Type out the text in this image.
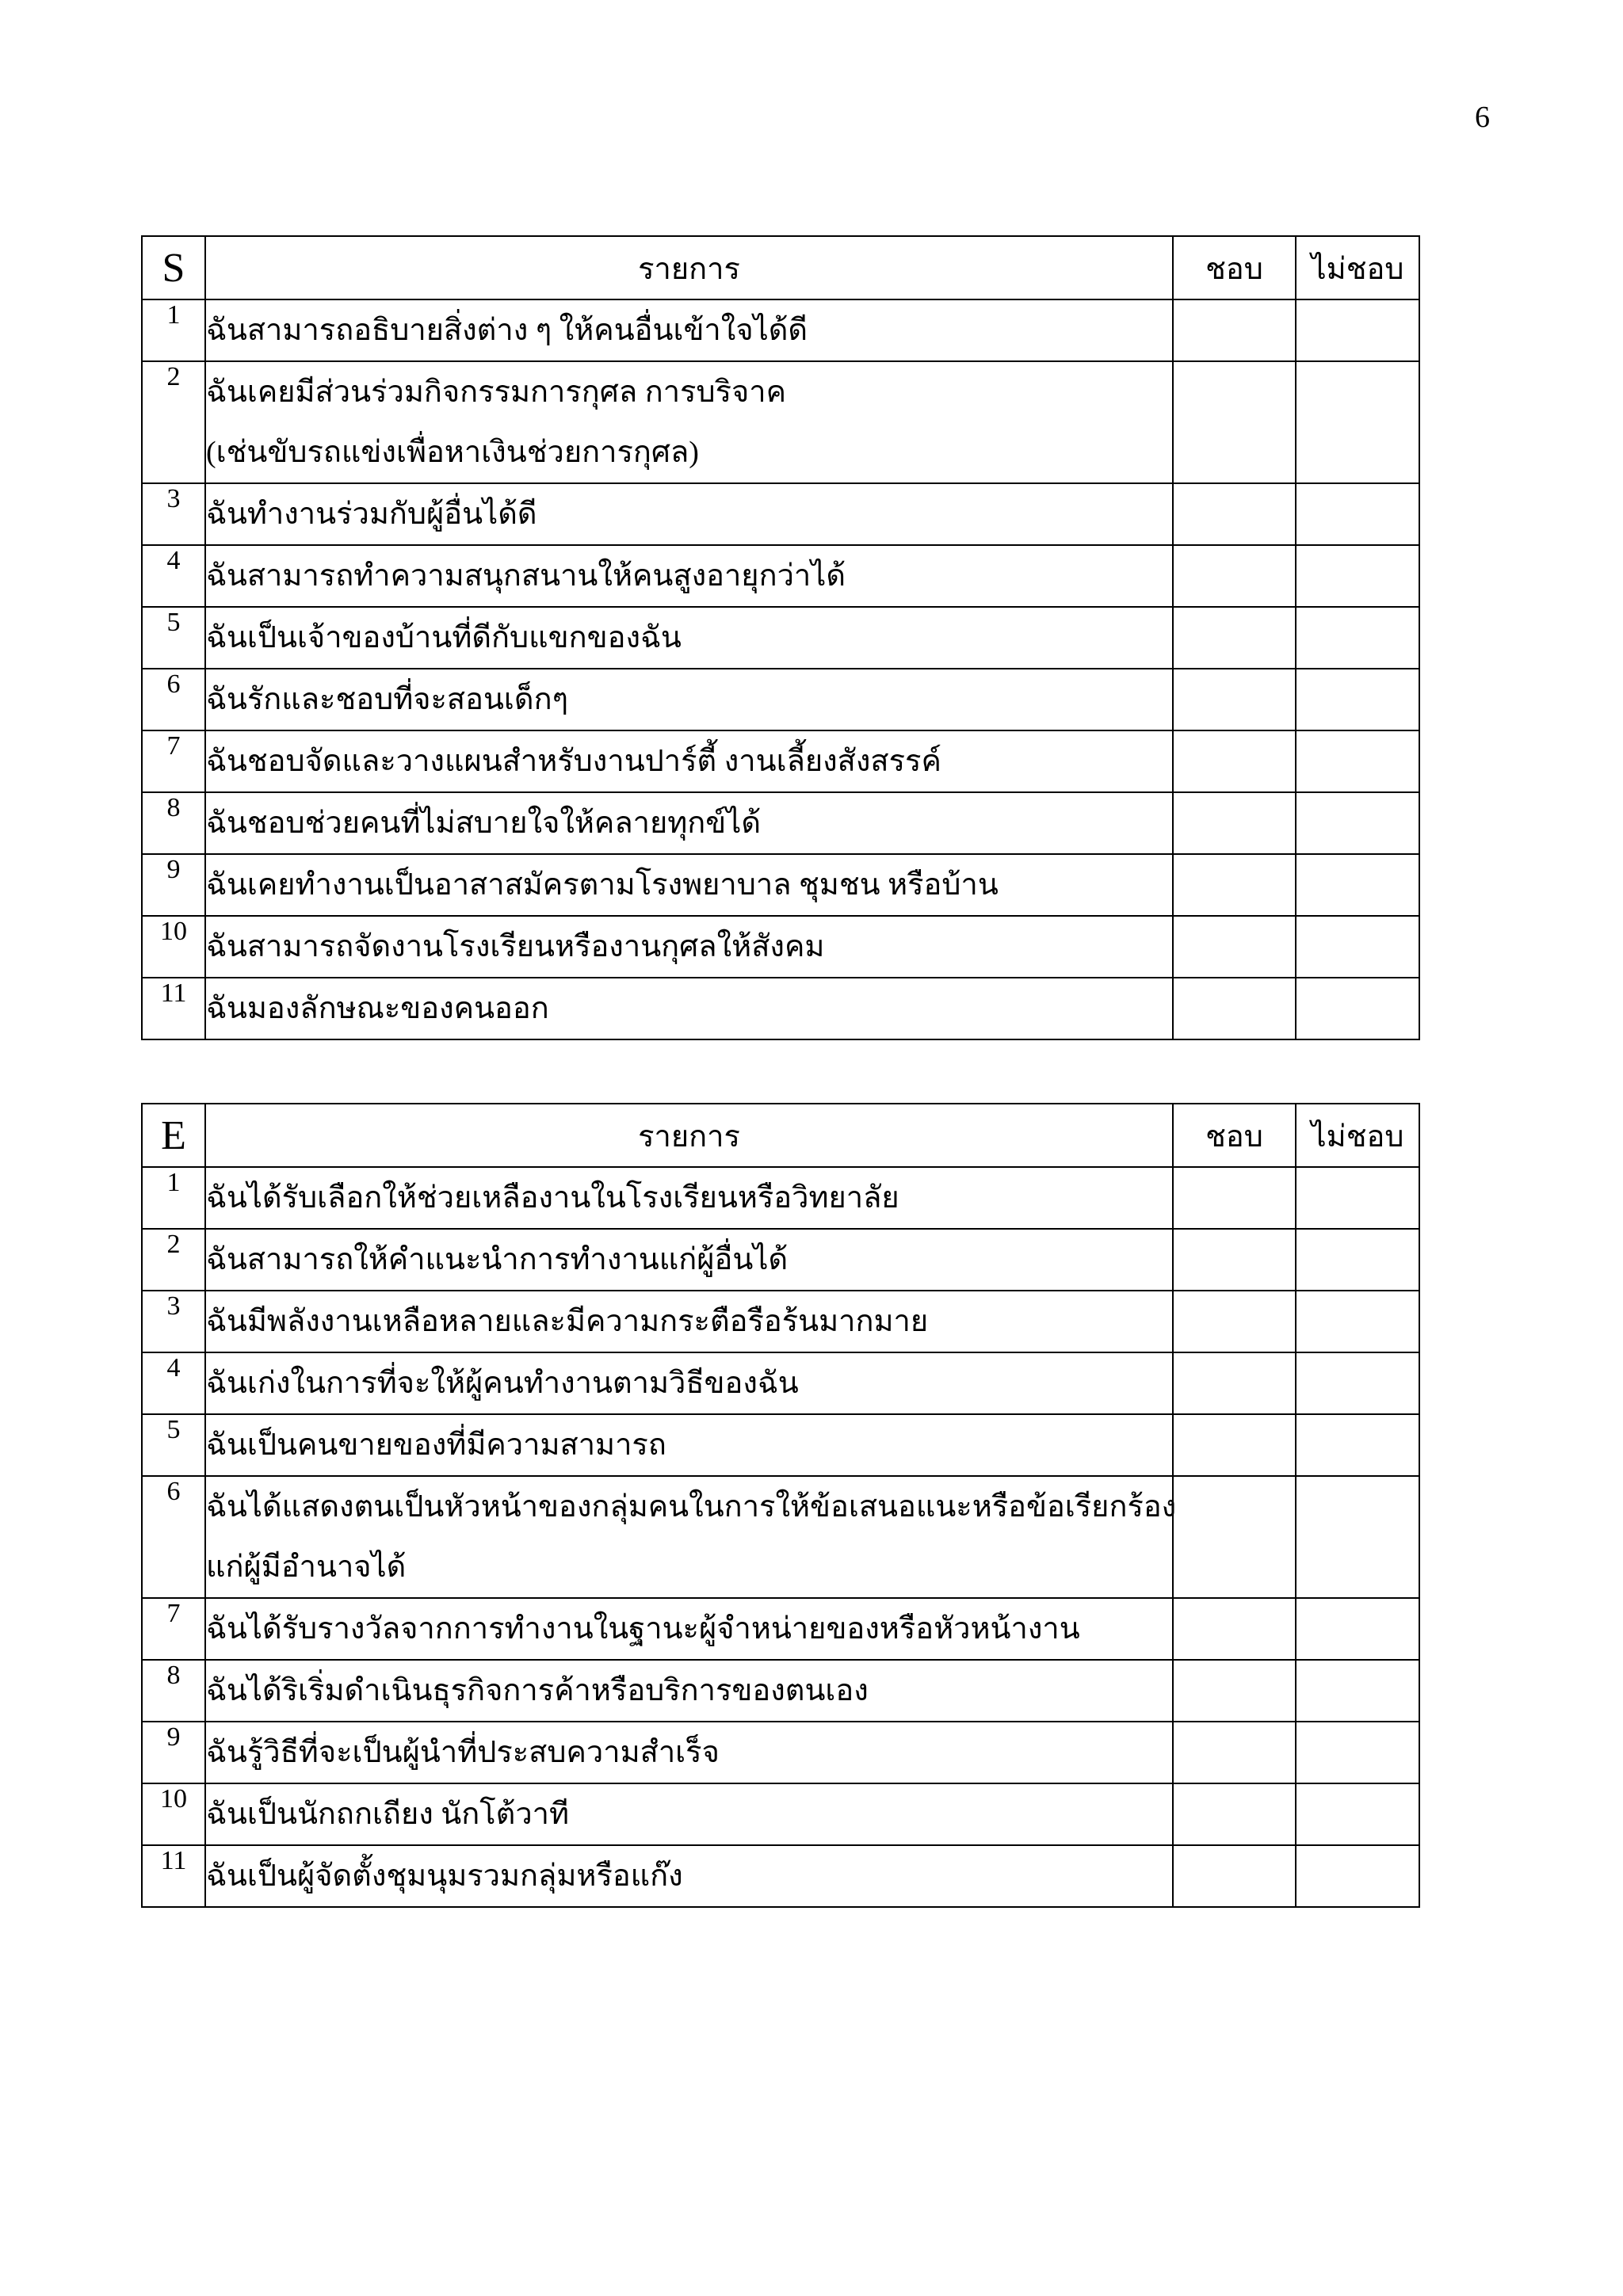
6
S	รายการ	ชอบ	ไม่ชอบ
1	ฉันสามารถอธิบายสิ่งต่าง ๆ ให้คนอื่นเข้าใจได้ดี		

2	ฉันเคยมีส่วนร่วมกิจกรรมการกุศล การบริจาค
(เช่นขับรถแข่งเพื่อหาเงินช่วยการกุศล)		

3	ฉันทำงานร่วมกับผู้อื่นได้ดี		

4	ฉันสามารถทำความสนุกสนานให้คนสูงอายุกว่าได้		

5	ฉันเป็นเจ้าของบ้านที่ดีกับแขกของฉัน		

6	ฉันรักและชอบที่จะสอนเด็กๆ		

7	ฉันชอบจัดและวางแผนสำหรับงานปาร์ตี้ งานเลี้ยงสังสรรค์		

8	ฉันชอบช่วยคนที่ไม่สบายใจให้คลายทุกข์ได้		

9	ฉันเคยทำงานเป็นอาสาสมัครตามโรงพยาบาล ชุมชน หรือบ้าน		

10	ฉันสามารถจัดงานโรงเรียนหรืองานกุศลให้สังคม		

11	ฉันมองลักษณะของคนออก		

E	รายการ	ชอบ	ไม่ชอบ
1	ฉันได้รับเลือกให้ช่วยเหลืองานในโรงเรียนหรือวิทยาลัย		

2	ฉันสามารถให้คำแนะนำการทำงานแก่ผู้อื่นได้		

3	ฉันมีพลังงานเหลือหลายและมีความกระตือรือร้นมากมาย		

4	ฉันเก่งในการที่จะให้ผู้คนทำงานตามวิธีของฉัน		

5	ฉันเป็นคนขายของที่มีความสามารถ		

6	ฉันได้แสดงตนเป็นหัวหน้าของกลุ่มคนในการให้ข้อเสนอแนะหรือข้อเรียกร้อง
แก่ผู้มีอำนาจได้		

7	ฉันได้รับรางวัลจากการทำงานในฐานะผู้จำหน่ายของหรือหัวหน้างาน		

8	ฉันได้ริเริ่มดำเนินธุรกิจการค้าหรือบริการของตนเอง		

9	ฉันรู้วิธีที่จะเป็นผู้นำที่ประสบความสำเร็จ		

10	ฉันเป็นนักถกเถียง นักโต้วาที		

11	ฉันเป็นผู้จัดตั้งชุมนุมรวมกลุ่มหรือแก๊ง		
